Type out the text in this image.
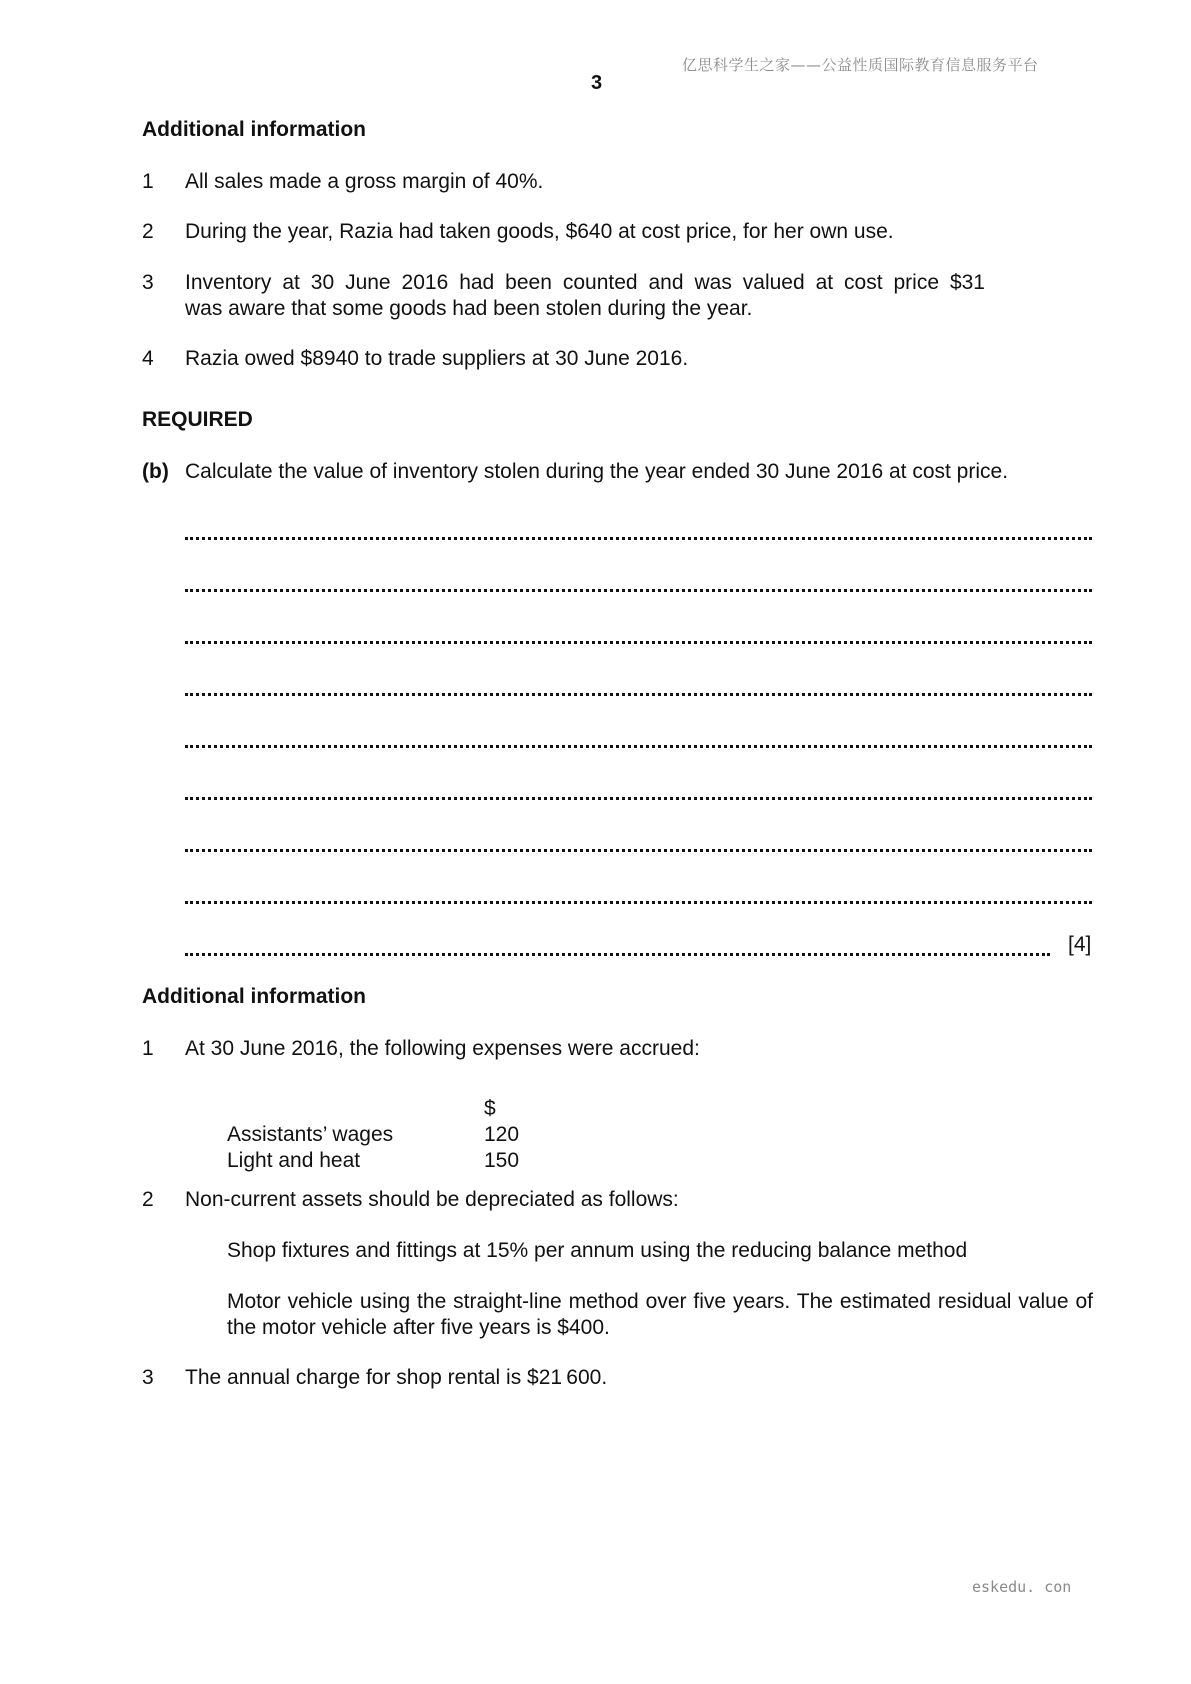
亿思科学生之家——公益性质国际教育信息服务平台
3
Additional information
1 All sales made a gross margin of 40%.
2 During the year, Razia had taken goods, $640 at cost price, for her own use.
3 Inventory at 30 June 2016 had been counted and was valued at cost price $31
was aware that some goods had been stolen during the year.
4 Razia owed $8940 to trade suppliers at 30 June 2016.
REQUIRED
(b) Calculate the value of inventory stolen during the year ended 30 June 2016 at cost price.
[4]
Additional information
1 At 30 June 2016, the following expenses were accrued:
$
Assistants’ wages	120
Light and heat	150
2 Non-current assets should be depreciated as follows:
Shop fixtures and fittings at 15% per annum using the reducing balance method
Motor vehicle using the straight-line method over five years. The estimated residual value of the motor vehicle after five years is $400.
3 The annual charge for shop rental is $21 600.
eskedu. con
